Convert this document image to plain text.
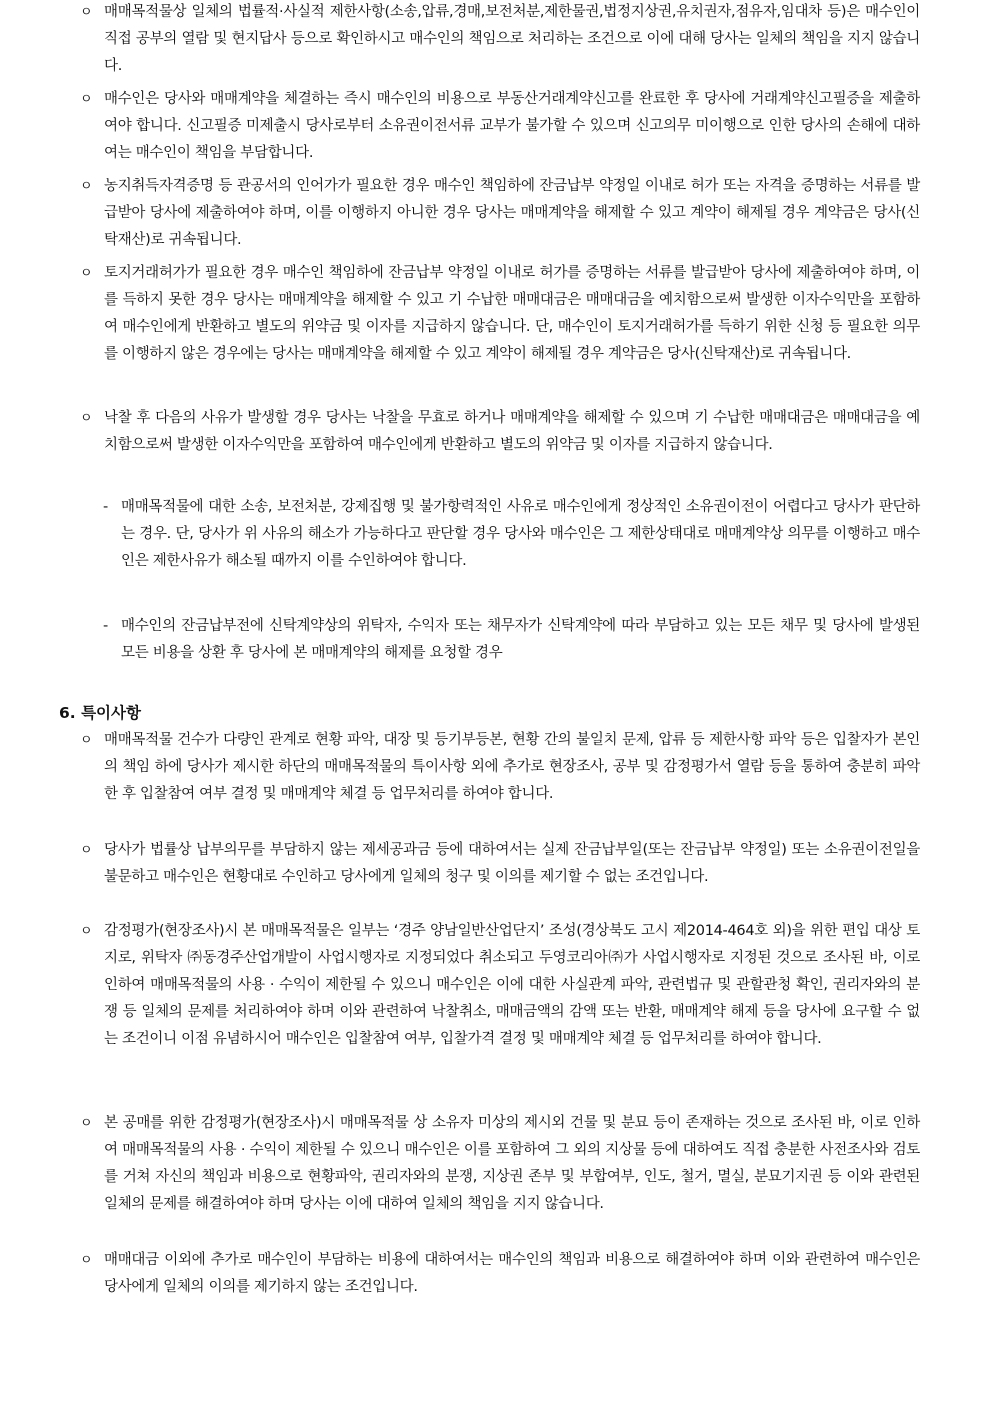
ㅇ 매매목적물상 일체의 법률적·사실적 제한사항(소송,압류,경매,보전처분,제한물권,법정지상권,유치권자,점유자,임대차 등)은 매수인이 직접 공부의 열람 및 현지답사 등으로 확인하시고 매수인의 책임으로 처리하는 조건으로 이에 대해 당사는 일체의 책임을 지지 않습니다.
ㅇ 매수인은 당사와 매매계약을 체결하는 즉시 매수인의 비용으로 부동산거래계약신고를 완료한 후 당사에 거래계약신고필증을 제출하여야 합니다. 신고필증 미제출시 당사로부터 소유권이전서류 교부가 불가할 수 있으며 신고의무 미이행으로 인한 당사의 손해에 대하여는 매수인이 책임을 부담합니다.
ㅇ 농지취득자격증명 등 관공서의 인어가가 필요한 경우 매수인 책임하에 잔금납부 약정일 이내로 허가 또는 자격을 증명하는 서류를 발급받아 당사에 제출하여야 하며, 이를 이행하지 아니한 경우 당사는 매매계약을 해제할 수 있고 계약이 해제될 경우 계약금은 당사(신탁재산)로 귀속됩니다.
ㅇ 토지거래허가가 필요한 경우 매수인 책임하에 잔금납부 약정일 이내로 허가를 증명하는 서류를 발급받아 당사에 제출하여야 하며, 이를 득하지 못한 경우 당사는 매매계약을 해제할 수 있고 기 수납한 매매대금은 매매대금을 예치함으로써 발생한 이자수익만을 포함하여 매수인에게 반환하고 별도의 위약금 및 이자를 지급하지 않습니다. 단, 매수인이 토지거래허가를 득하기 위한 신청 등 필요한 의무를 이행하지 않은 경우에는 당사는 매매계약을 해제할 수 있고 계약이 해제될 경우 계약금은 당사(신탁재산)로 귀속됩니다.
ㅇ 낙찰 후 다음의 사유가 발생할 경우 당사는 낙찰을 무효로 하거나 매매계약을 해제할 수 있으며 기 수납한 매매대금은 매매대금을 예치함으로써 발생한 이자수익만을 포함하여 매수인에게 반환하고 별도의 위약금 및 이자를 지급하지 않습니다.
- 매매목적물에 대한 소송, 보전처분, 강제집행 및 불가항력적인 사유로 매수인에게 정상적인 소유권이전이 어렵다고 당사가 판단하는 경우. 단, 당사가 위 사유의 해소가 가능하다고 판단할 경우 당사와 매수인은 그 제한상태대로 매매계약상 의무를 이행하고 매수인은 제한사유가 해소될 때까지 이를 수인하여야 합니다.
- 매수인의 잔금납부전에 신탁계약상의 위탁자, 수익자 또는 채무자가 신탁계약에 따라 부담하고 있는 모든 채무 및 당사에 발생된 모든 비용을 상환 후 당사에 본 매매계약의 해제를 요청할 경우
6. 특이사항
ㅇ 매매목적물 건수가 다량인 관계로 현황 파악, 대장 및 등기부등본, 현황 간의 불일치 문제, 압류 등 제한사항 파악 등은 입찰자가 본인의 책임 하에 당사가 제시한 하단의 매매목적물의 특이사항 외에 추가로 현장조사, 공부 및 감정평가서 열람 등을 통하여 충분히 파악한 후 입찰참여 여부 결정 및 매매계약 체결 등 업무처리를 하여야 합니다.
ㅇ 당사가 법률상 납부의무를 부담하지 않는 제세공과금 등에 대하여서는 실제 잔금납부일(또는 잔금납부 약정일) 또는 소유권이전일을 불문하고 매수인은 현황대로 수인하고 당사에게 일체의 청구 및 이의를 제기할 수 없는 조건입니다.
ㅇ 감정평가(현장조사)시 본 매매목적물은 일부는 ‘경주 양남일반산업단지’ 조성(경상북도 고시 제2014-464호 외)을 위한 편입 대상 토지로, 위탁자 ㈜동경주산업개발이 사업시행자로 지정되었다 취소되고 두영코리아㈜가 사업시행자로 지정된 것으로 조사된 바, 이로 인하여 매매목적물의 사용 · 수익이 제한될 수 있으니 매수인은 이에 대한 사실관계 파악, 관련법규 및 관할관청 확인, 권리자와의 분쟁 등 일체의 문제를 처리하여야 하며 이와 관련하여 낙찰취소, 매매금액의 감액 또는 반환, 매매계약 해제 등을 당사에 요구할 수 없는 조건이니 이점 유념하시어 매수인은 입찰참여 여부, 입찰가격 결정 및 매매계약 체결 등 업무처리를 하여야 합니다.
ㅇ 본 공매를 위한 감정평가(현장조사)시 매매목적물 상 소유자 미상의 제시외 건물 및 분묘 등이 존재하는 것으로 조사된 바, 이로 인하여 매매목적물의 사용 · 수익이 제한될 수 있으니 매수인은 이를 포함하여 그 외의 지상물 등에 대하여도 직접 충분한 사전조사와 검토를 거쳐 자신의 책임과 비용으로 현황파악, 권리자와의 분쟁, 지상권 존부 및 부합여부, 인도, 철거, 멸실, 분묘기지권 등 이와 관련된 일체의 문제를 해결하여야 하며 당사는 이에 대하여 일체의 책임을 지지 않습니다.
ㅇ 매매대금 이외에 추가로 매수인이 부담하는 비용에 대하여서는 매수인의 책임과 비용으로 해결하여야 하며 이와 관련하여 매수인은 당사에게 일체의 이의를 제기하지 않는 조건입니다.
